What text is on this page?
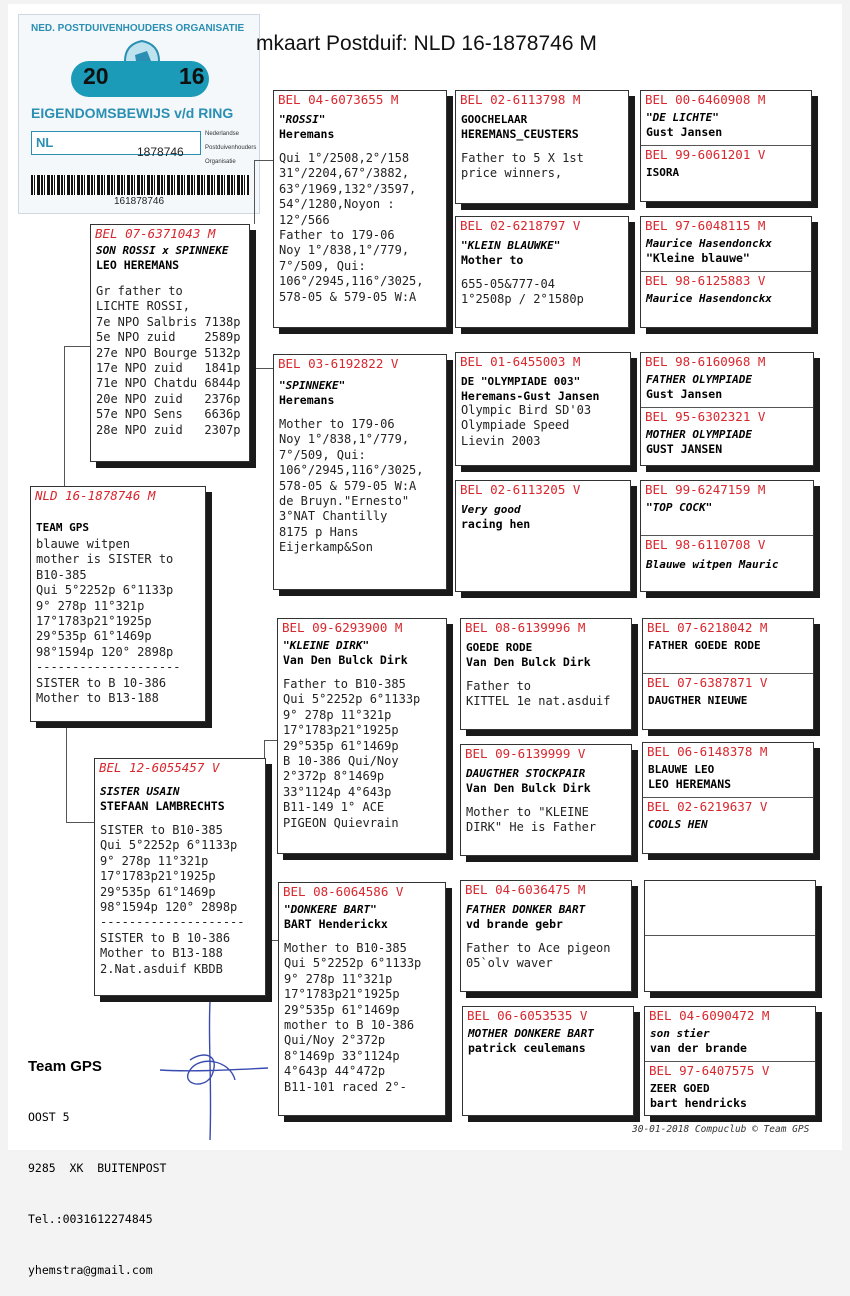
NED. POSTDUIVENHOUDERS ORGANISATIE
20	16
EIGENDOMSBEWIJS v/d RING
NL
1878746
Nederlandse
Postduivenhouders
Organisatie
161878746
mkaart Postduif: NLD 16-1878746 M
NLD 16-1878746 M
TEAM GPS
blauwe witpen
mother is SISTER to
B10-385
Qui 5°2252p 6°1133p
9° 278p 11°321p
17°1783p21°1925p
29°535p 61°1469p
98°1594p 120° 2898p
--------------------
SISTER to B 10-386
Mother to B13-188
BEL 07-6371043 M
SON ROSSI x SPINNEKE
LEO HEREMANS
Gr father to
LICHTE ROSSI,
7e NPO Salbris 7138p
5e NPO zuid    2589p
27e NPO Bourge 5132p
17e NPO zuid   1841p
71e NPO Chatdu 6844p
20e NPO zuid   2376p
57e NPO Sens   6636p
28e NPO zuid   2307p
BEL 12-6055457 V
SISTER USAIN
STEFAAN LAMBRECHTS
SISTER to B10-385
Qui 5°2252p 6°1133p
9° 278p 11°321p
17°1783p21°1925p
29°535p 61°1469p
98°1594p 120° 2898p
--------------------
SISTER to B 10-386
Mother to B13-188
2.Nat.asduif KBDB
BEL 04-6073655 M
"ROSSI"
Heremans
Qui 1°/2508,2°/158
31°/2204,67°/3882,
63°/1969,132°/3597,
54°/1280,Noyon :
12°/566
Father to 179-06
Noy 1°/838,1°/779,
7°/509, Qui:
106°/2945,116°/3025,
578-05 & 579-05 W:A
BEL 03-6192822 V
"SPINNEKE"
Heremans
Mother to 179-06
Noy 1°/838,1°/779,
7°/509, Qui:
106°/2945,116°/3025,
578-05 & 579-05 W:A
de Bruyn."Ernesto"
3°NAT Chantilly
8175 p Hans
Eijerkamp&Son
BEL 09-6293900 M
"KLEINE DIRK"
Van Den Bulck Dirk
Father to B10-385
Qui 5°2252p 6°1133p
9° 278p 11°321p
17°1783p21°1925p
29°535p 61°1469p
B 10-386 Qui/Noy
2°372p 8°1469p
33°1124p 4°643p
B11-149 1° ACE
PIGEON Quievrain
BEL 08-6064586 V
"DONKERE BART"
BART Henderickx
Mother to B10-385
Qui 5°2252p 6°1133p
9° 278p 11°321p
17°1783p21°1925p
29°535p 61°1469p
mother to B 10-386
Qui/Noy 2°372p
8°1469p 33°1124p
4°643p 44°472p
B11-101 raced 2°-
BEL 02-6113798 M
GOOCHELAAR
HEREMANS_CEUSTERS
Father to 5 X 1st
price winners,
BEL 02-6218797 V
"KLEIN BLAUWKE"
Mother to
655-05&777-04
1°2508p / 2°1580p
BEL 01-6455003 M
DE "OLYMPIADE 003"
Heremans-Gust Jansen
Olympic Bird SD'03
Olympiade Speed
Lievin 2003
BEL 02-6113205 V
Very good
racing hen
BEL 08-6139996 M
GOEDE RODE
Van Den Bulck Dirk
Father to
KITTEL 1e nat.asduif
BEL 09-6139999 V
DAUGTHER STOCKPAIR
Van Den Bulck Dirk
Mother to "KLEINE
DIRK" He is Father
BEL 04-6036475 M
FATHER DONKER BART
vd brande gebr
Father to Ace pigeon
05`olv waver
BEL 06-6053535 V
MOTHER DONKERE BART
patrick ceulemans
BEL 00-6460908 M
"DE LICHTE"
Gust Jansen
BEL 99-6061201 V
ISORA
BEL 97-6048115 M
Maurice Hasendonckx
"Kleine blauwe"
BEL 98-6125883 V
Maurice Hasendonckx
BEL 98-6160968 M
FATHER OLYMPIADE
Gust Jansen
BEL 95-6302321 V
MOTHER OLYMPIADE
GUST JANSEN
BEL 99-6247159 M
"TOP COCK"
BEL 98-6110708 V
Blauwe witpen Mauric
BEL 07-6218042 M
FATHER GOEDE RODE
BEL 07-6387871 V
DAUGTHER NIEUWE
BEL 06-6148378 M
BLAUWE LEO
LEO HEREMANS
BEL 02-6219637 V
COOLS HEN
BEL 04-6090472 M
son stier
van der brande
BEL 97-6407575 V
ZEER GOED
bart hendricks

Team GPS

OOST 5

9285  XK  BUITENPOST

Tel.:0031612274845

yhemstra@gmail.com

30-01-2018 Compuclub © Team GPS
